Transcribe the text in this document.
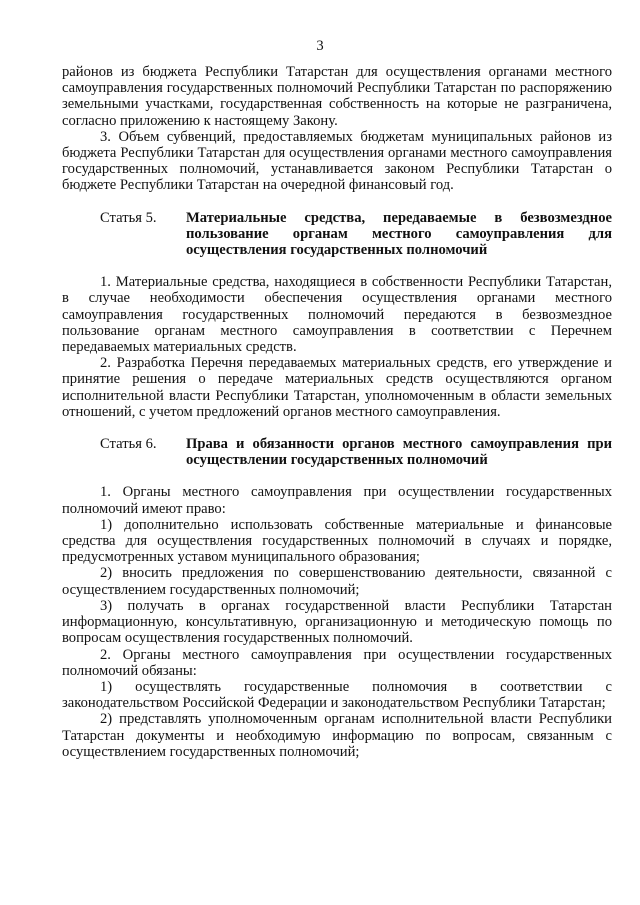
3

районов из бюджета Республики Татарстан для осуществления органами местного самоуправления государственных полномочий Республики Татарстан по распоряжению земельными участками, государственная собственность на которые не разграничена, согласно приложению к настоящему Закону.

3. Объем субвенций, предоставляемых бюджетам муниципальных районов из бюджета Республики Татарстан для осуществления органами местного самоуправления государственных полномочий, устанавливается законом Республики Татарстан о бюджете Республики Татарстан на очередной финансовый год.

Статья 5.	Материальные средства, передаваемые в безвозмездное пользование органам местного самоуправления для осуществления государственных полномочий

1. Материальные средства, находящиеся в собственности Республики Татарстан, в случае необходимости обеспечения осуществления органами местного самоуправления государственных полномочий передаются в безвозмездное пользование органам местного самоуправления в соответствии с Перечнем передаваемых материальных средств.

2. Разработка Перечня передаваемых материальных средств, его утверждение и принятие решения о передаче материальных средств осуществляются органом исполнительной власти Республики Татарстан, уполномоченным в области земельных отношений, с учетом предложений органов местного самоуправления.

Статья 6.	Права и обязанности органов местного самоуправления при осуществлении государственных полномочий

1. Органы местного самоуправления при осуществлении государственных полномочий имеют право:

1) дополнительно использовать собственные материальные и финансовые средства для осуществления государственных полномочий в случаях и порядке, предусмотренных уставом муниципального образования;

2) вносить предложения по совершенствованию деятельности, связанной с осуществлением государственных полномочий;

3) получать в органах государственной власти Республики Татарстан информационную, консультативную, организационную и методическую помощь по вопросам осуществления государственных полномочий.

2. Органы местного самоуправления при осуществлении государственных полномочий обязаны:

1) осуществлять государственные полномочия в соответствии с законодательством Российской Федерации и законодательством Республики Татарстан;

2) представлять уполномоченным органам исполнительной власти Республики Татарстан документы и необходимую информацию по вопросам, связанным с осуществлением государственных полномочий;
